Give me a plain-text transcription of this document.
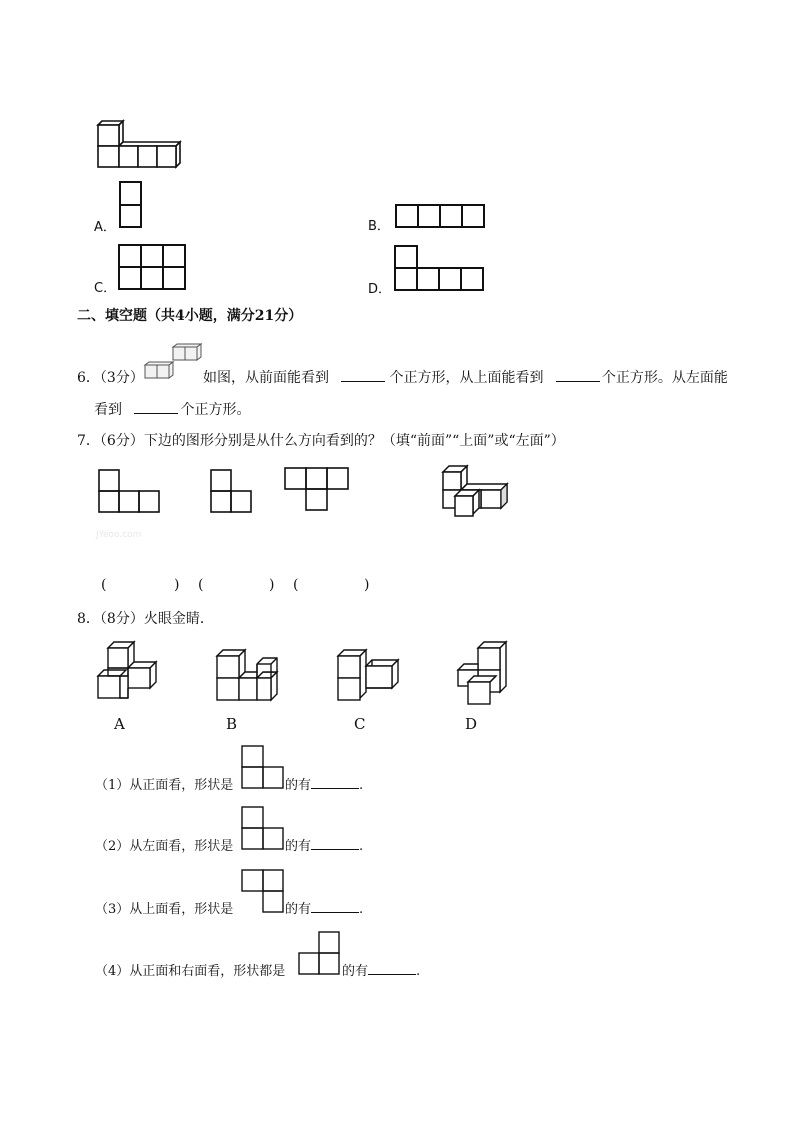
A．	B．
C．	D．
二、填空题（共4小题，满分21分）
6．（3分）	如图，从前面能看到	个正方形，从上面能看到	个正方形。从左面能
看到	个正方形。
7．（6分）下边的图形分别是从什么方向看到的？（填“前面”“上面”或“左面”）
JYeoo.com
(	) (	) (	)
8．（8分）火眼金睛．
A	B	C	D
（1）从正面看，形状是	的有	.
（2）从左面看，形状是	的有	.
（3）从上面看，形状是	的有	.
（4）从正面和右面看，形状都是	的有	.
